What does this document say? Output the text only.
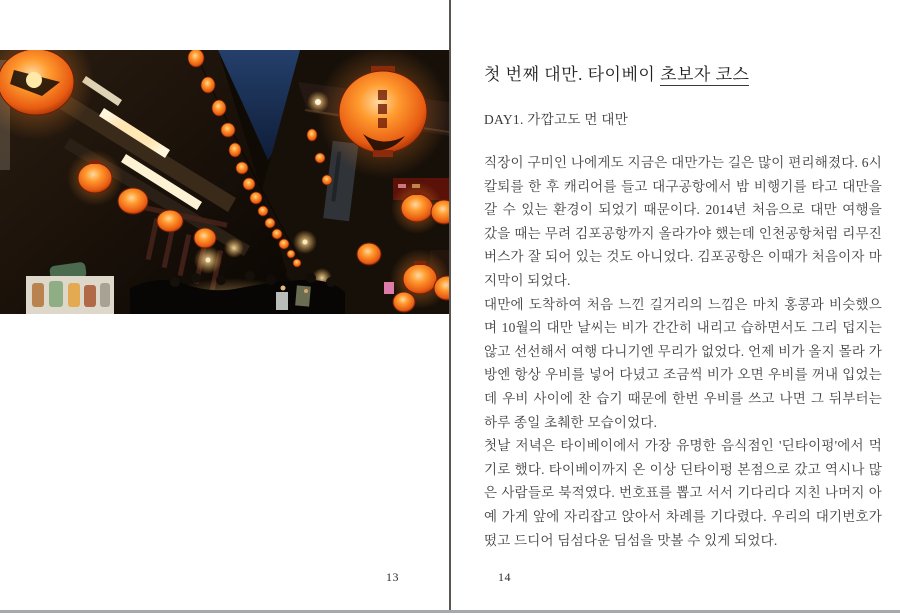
13
첫 번째 대만. 타이베이 초보자 코스
DAY1. 가깝고도 먼 대만

직장이 구미인 나에게도 지금은 대만가는 길은 많이 편리해졌다. 6시 칼퇴를 한 후 캐리어를 들고 대구공항에서 밤 비행기를 타고 대만을 갈 수 있는 환경이 되었기 때문이다. 2014년 처음으로 대만 여행을 갔을 때는 무려 김포공항까지 올라가야 했는데 인천공항처럼 리무진버스가 잘 되어 있는 것도 아니었다. 김포공항은 이때가 처음이자 마지막이 되었다.

대만에 도착하여 처음 느낀 길거리의 느낌은 마치 홍콩과 비슷했으며 10월의 대만 날씨는 비가 간간히 내리고 습하면서도 그리 덥지는 않고 선선해서 여행 다니기엔 무리가 없었다. 언제 비가 올지 몰라 가방엔 항상 우비를 넣어 다녔고 조금씩 비가 오면 우비를 꺼내 입었는데 우비 사이에 찬 습기 때문에 한번 우비를 쓰고 나면 그 뒤부터는 하루 종일 초췌한 모습이었다.

첫날 저녁은 타이베이에서 가장 유명한 음식점인 '딘타이펑'에서 먹기로 했다. 타이베이까지 온 이상 딘타이펑 본점으로 갔고 역시나 많은 사람들로 북적였다. 번호표를 뽑고 서서 기다리다 지친 나머지 아예 가게 앞에 자리잡고 앉아서 차례를 기다렸다. 우리의 대기번호가 떴고 드디어 딤섬다운 딤섬을 맛볼 수 있게 되었다.

14
